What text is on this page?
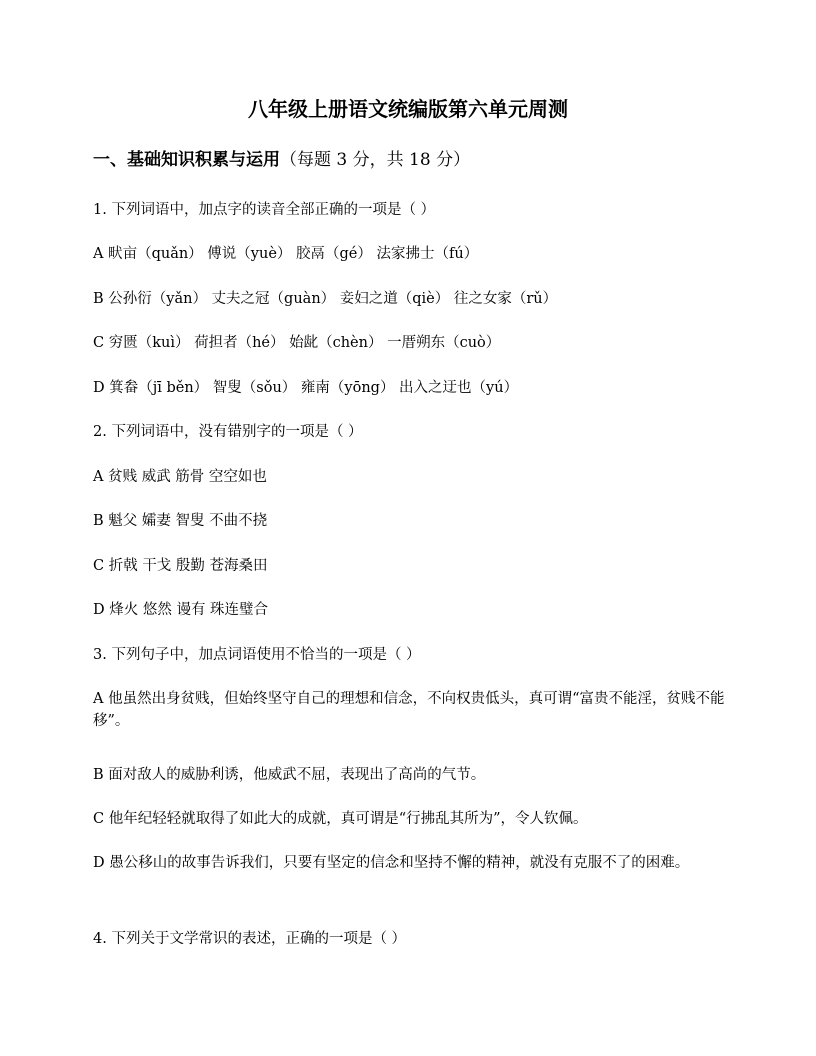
八年级上册语文统编版第六单元周测

一、基础知识积累与运用（每题 3 分，共 18 分）

1. 下列词语中，加点字的读音全部正确的一项是（ ）

A 畎亩（quǎn） 傅说（yuè） 胶鬲（gé） 法家拂士（fú）

B 公孙衍（yǎn） 丈夫之冠（guàn） 妾妇之道（qiè） 往之女家（rǔ）

C 穷匮（kuì） 荷担者（hé） 始龀（chèn） 一厝朔东（cuò）

D 箕畚（jī běn） 智叟（sǒu） 雍南（yōng） 出入之迂也（yú）

2. 下列词语中，没有错别字的一项是（ ）

A 贫贱 威武 筋骨 空空如也

B 魁父 孀妻 智叟 不曲不挠

C 折戟 干戈 殷勤 苍海桑田

D 烽火 悠然 谩有 珠连璧合

3. 下列句子中，加点词语使用不恰当的一项是（ ）

A 他虽然出身贫贱，但始终坚守自己的理想和信念，不向权贵低头，真可谓“富贵不能淫，贫贱不能移”。

B 面对敌人的威胁利诱，他威武不屈，表现出了高尚的气节。

C 他年纪轻轻就取得了如此大的成就，真可谓是“行拂乱其所为”，令人钦佩。

D 愚公移山的故事告诉我们，只要有坚定的信念和坚持不懈的精神，就没有克服不了的困难。

4. 下列关于文学常识的表述，正确的一项是（ ）
